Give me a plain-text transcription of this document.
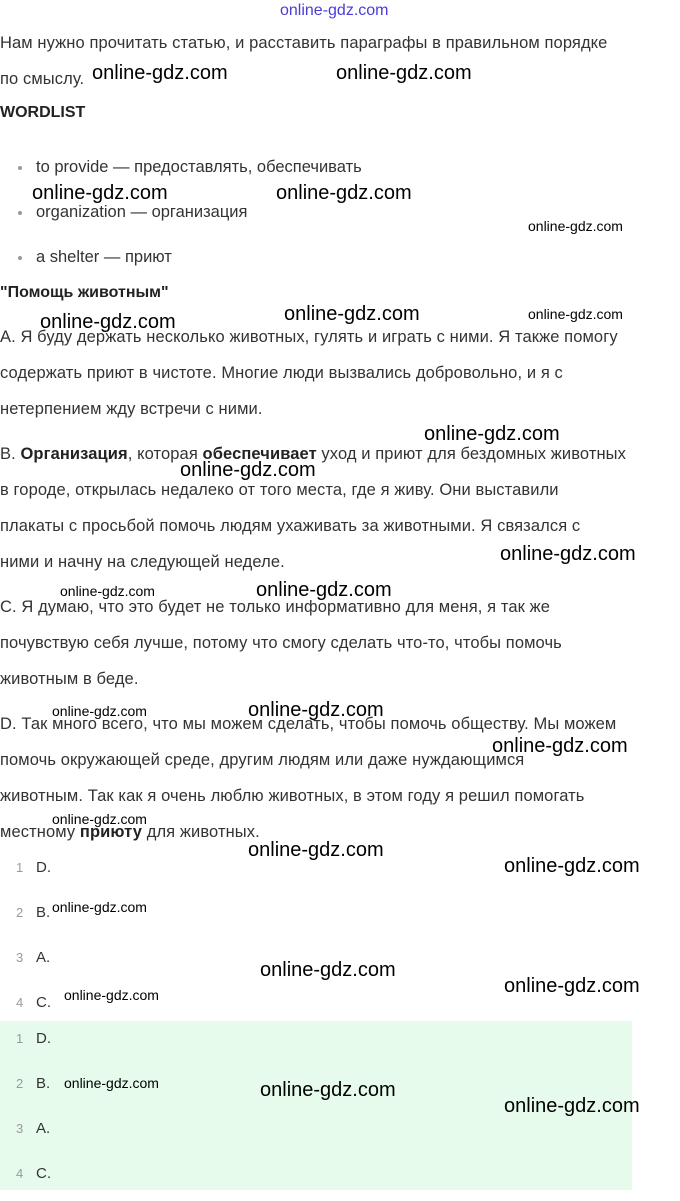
online-gdz.com
Нам нужно прочитать статью, и расставить параграфы в правильном порядке
по смыслу.
WORDLIST
to provide — предоставлять, обеспечивать
organization — организация
a shelter — приют
"Помощь животным"
A. Я буду держать несколько животных, гулять и играть с ними. Я также помогу
содержать приют в чистоте. Многие люди вызвались добровольно, и я с
нетерпением жду встречи с ними.
B. Организация, которая обеспечивает уход и приют для бездомных животных
в городе, открылась недалеко от того места, где я живу. Они выставили
плакаты с просьбой помочь людям ухаживать за животными. Я связался с
ними и начну на следующей неделе.
C. Я думаю, что это будет не только информативно для меня, я так же
почувствую себя лучше, потому что смогу сделать что-то, чтобы помочь
животным в беде.
D. Так много всего, что мы можем сделать, чтобы помочь обществу. Мы можем
помочь окружающей среде, другим людям или даже нуждающимся
животным. Так как я очень люблю животных, в этом году я решил помогать
местному приюту для животных.
1 D.
2 B.
3 A.
4 C.
1 D.
2 B.
3 A.
4 C.
online-gdz.com	online-gdz.com
online-gdz.com	online-gdz.com
online-gdz.com
online-gdz.com	online-gdz.com
online-gdz.com
online-gdz.com
online-gdz.com
online-gdz.com
online-gdz.com	online-gdz.com
online-gdz.com
online-gdz.com
online-gdz.com
online-gdz.com
online-gdz.com
online-gdz.com
online-gdz.com
online-gdz.com
online-gdz.com
online-gdz.com
online-gdz.com	online-gdz.com
online-gdz.com
